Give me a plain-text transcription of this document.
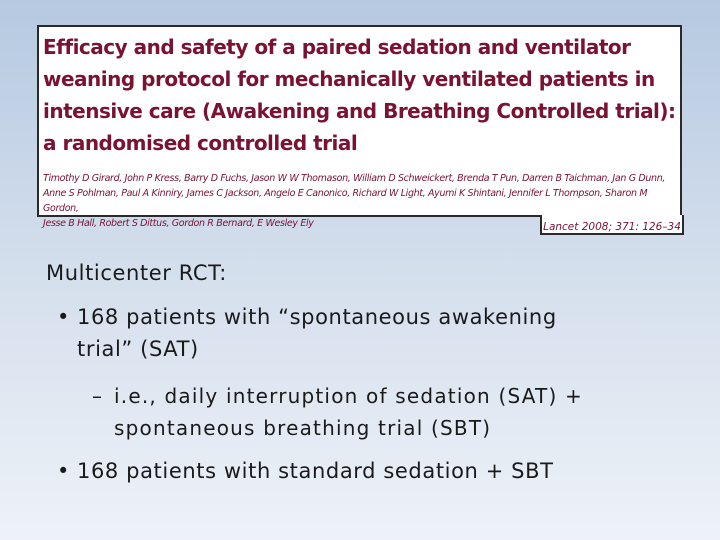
Efficacy and safety of a paired sedation and ventilator
weaning protocol for mechanically ventilated patients in
intensive care (Awakening and Breathing Controlled trial):
a randomised controlled trial

Timothy D Girard, John P Kress, Barry D Fuchs, Jason W W Thomason, William D Schweickert, Brenda T Pun, Darren B Taichman, Jan G Dunn,
Anne S Pohlman, Paul A Kinniry, James C Jackson, Angelo E Canonico, Richard W Light, Ayumi K Shintani, Jennifer L Thompson, Sharon M Gordon,
Jesse B Hall, Robert S Dittus, Gordon R Bernard, E Wesley Ely	Lancet 2008; 371: 126–34

Multicenter RCT:

• 168 patients with “spontaneous awakening
trial” (SAT)
– i.e., daily interruption of sedation (SAT) +
spontaneous breathing trial (SBT)
• 168 patients with standard sedation + SBT
